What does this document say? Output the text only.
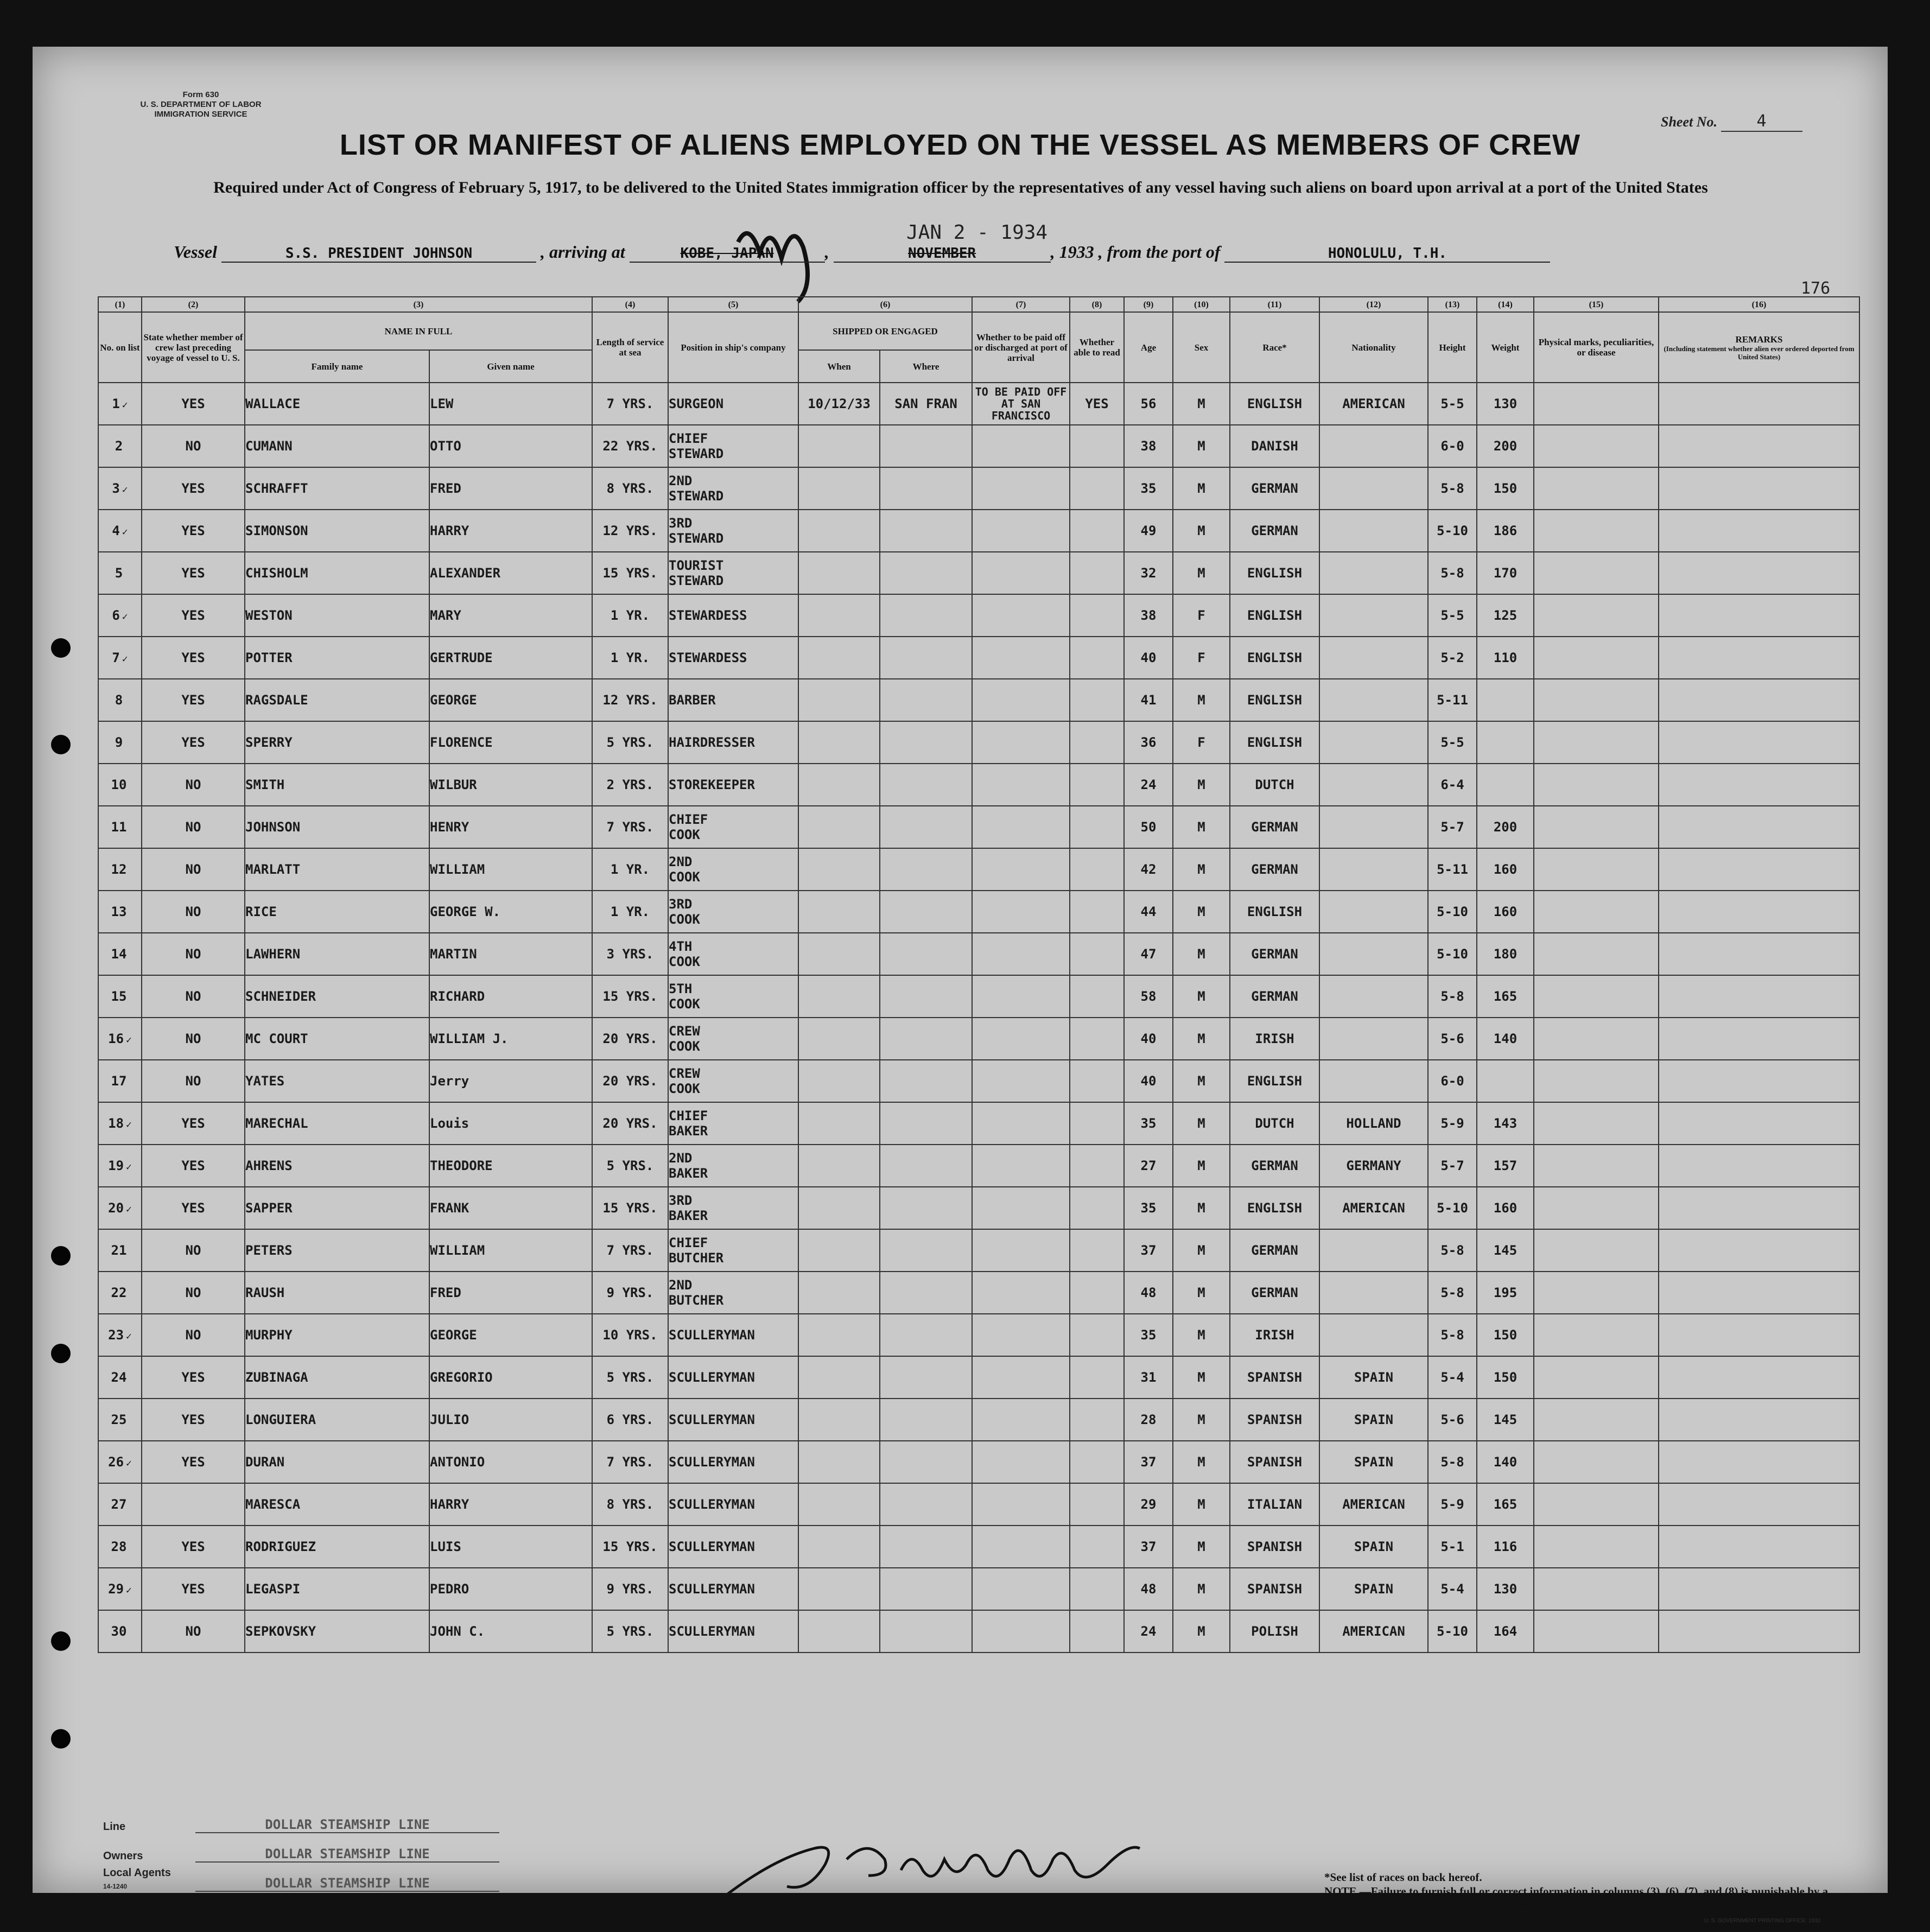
Form 630
U. S. DEPARTMENT OF LABOR
IMMIGRATION SERVICE	Sheet No. 4
LIST OR MANIFEST OF ALIENS EMPLOYED ON THE VESSEL AS MEMBERS OF CREW
Required under Act of Congress of February 5, 1917, to be delivered to the United States immigration officer by the representatives of any vessel having such aliens on board upon arrival at a port of the United States
JAN 2 - 1934
Vessel	S.S. PRESIDENT JOHNSON	, arriving at	KOBE, JAPAN	,	NOVEMBER	, 1933 , from the port of	HONOLULU, T.H.
176
(1)	(2)	(3)		(4)	(5)	(6)		(7)	(8)	(9)	(10)	(11)	(12)	(13)	(14)	(15)	(16)
No. on list	State whether member of crew last preceding voyage of vessel to U. S.	NAME IN FULL		Length of service at sea	Position in ship's company	SHIPPED OR ENGAGED		Whether to be paid off or discharged at port of arrival	Whether able to read	Age	Sex	Race*	Nationality	Height	Weight	Physical marks, peculiarities, or disease	REMARKS
(Including statement whether alien ever ordered deported from United States)

		Family name	Given name			When	Where										
1 ✓	YES	WALLACE	LEW	7 YRS.	SURGEON	10/12/33	SAN FRAN	TO BE PAID OFF AT SAN FRANCISCO	YES	56	M	ENGLISH	AMERICAN	5-5	130		
2	NO	CUMANN	OTTO	22 YRS.	CHIEF
STEWARD					38	M	DANISH		6-0	200		
3 ✓	YES	SCHRAFFT	FRED	8 YRS.	2ND
STEWARD					35	M	GERMAN		5-8	150		
4 ✓	YES	SIMONSON	HARRY	12 YRS.	3RD
STEWARD					49	M	GERMAN		5-10	186		
5	YES	CHISHOLM	ALEXANDER	15 YRS.	TOURIST
STEWARD					32	M	ENGLISH		5-8	170		
6 ✓	YES	WESTON	MARY	1 YR.	STEWARDESS					38	F	ENGLISH		5-5	125		
7 ✓	YES	POTTER	GERTRUDE	1 YR.	STEWARDESS					40	F	ENGLISH		5-2	110		
8	YES	RAGSDALE	GEORGE	12 YRS.	BARBER					41	M	ENGLISH		5-11			
9	YES	SPERRY	FLORENCE	5 YRS.	HAIRDRESSER					36	F	ENGLISH		5-5			
10	NO	SMITH	WILBUR	2 YRS.	STOREKEEPER					24	M	DUTCH		6-4			
11	NO	JOHNSON	HENRY	7 YRS.	CHIEF
COOK					50	M	GERMAN		5-7	200		
12	NO	MARLATT	WILLIAM	1 YR.	2ND
COOK					42	M	GERMAN		5-11	160		
13	NO	RICE	GEORGE W.	1 YR.	3RD
COOK					44	M	ENGLISH		5-10	160		
14	NO	LAWHERN	MARTIN	3 YRS.	4TH
COOK					47	M	GERMAN		5-10	180		
15	NO	SCHNEIDER	RICHARD	15 YRS.	5TH
COOK					58	M	GERMAN		5-8	165		
16 ✓	NO	MC COURT	WILLIAM J.	20 YRS.	CREW
COOK					40	M	IRISH		5-6	140		
17	NO	YATES	Jerry	20 YRS.	CREW
COOK					40	M	ENGLISH		6-0			
18 ✓	YES	MARECHAL	Louis	20 YRS.	CHIEF
BAKER					35	M	DUTCH	HOLLAND	5-9	143		
19 ✓	YES	AHRENS	THEODORE	5 YRS.	2ND
BAKER					27	M	GERMAN	GERMANY	5-7	157		
20 ✓	YES	SAPPER	FRANK	15 YRS.	3RD
BAKER					35	M	ENGLISH	AMERICAN	5-10	160		
21	NO	PETERS	WILLIAM	7 YRS.	CHIEF
BUTCHER					37	M	GERMAN		5-8	145		
22	NO	RAUSH	FRED	9 YRS.	2ND
BUTCHER					48	M	GERMAN		5-8	195		
23 ✓	NO	MURPHY	GEORGE	10 YRS.	SCULLERYMAN					35	M	IRISH		5-8	150		
24	YES	ZUBINAGA	GREGORIO	5 YRS.	SCULLERYMAN					31	M	SPANISH	SPAIN	5-4	150		
25	YES	LONGUIERA	JULIO	6 YRS.	SCULLERYMAN					28	M	SPANISH	SPAIN	5-6	145		
26 ✓	YES	DURAN	ANTONIO	7 YRS.	SCULLERYMAN					37	M	SPANISH	SPAIN	5-8	140		
27		MARESCA	HARRY	8 YRS.	SCULLERYMAN					29	M	ITALIAN	AMERICAN	5-9	165		
28	YES	RODRIGUEZ	LUIS	15 YRS.	SCULLERYMAN					37	M	SPANISH	SPAIN	5-1	116		
29 ✓	YES	LEGASPI	PEDRO	9 YRS.	SCULLERYMAN					48	M	SPANISH	SPAIN	5-4	130		
30	NO	SEPKOVSKY	JOHN C.	5 YRS.	SCULLERYMAN					24	M	POLISH	AMERICAN	5-10	164		
Line	DOLLAR STEAMSHIP LINE
Owners	DOLLAR STEAMSHIP LINE
Local Agents
14-1240	DOLLAR STEAMSHIP LINE
Immigrant Inspector.
*See list of races on back hereof.
NOTE.—Failure to furnish full or correct information in columns (3), (6), (7), and (8) is punishable by a fine of ten dollars for each alien. See other side.
U. S. GOVERNMENT PRINTING OFFICE: 1932
